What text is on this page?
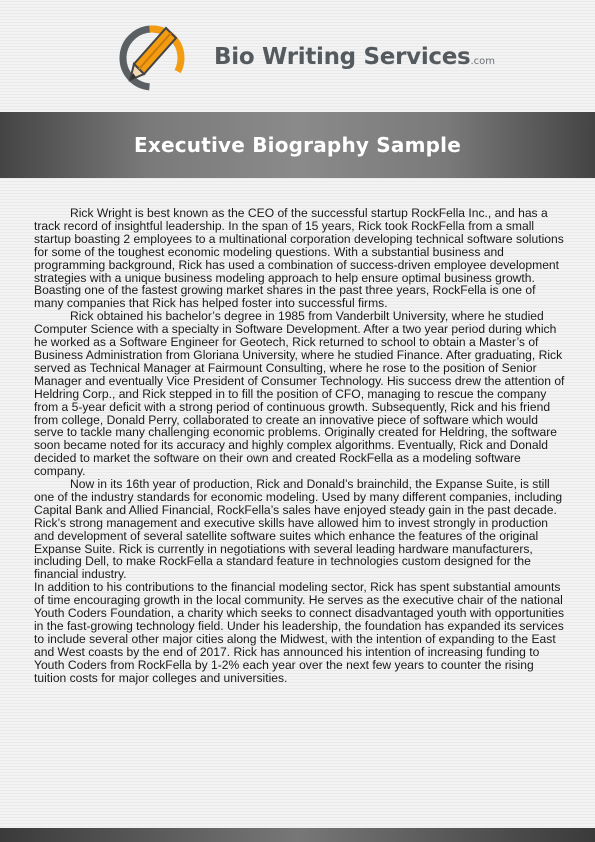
Bio Writing Services.com
Executive Biography Sample

Rick Wright is best known as the CEO of the successful startup RockFella Inc., and has a track record of insightful leadership. In the span of 15 years, Rick took RockFella from a small startup boasting 2 employees to a multinational corporation developing technical software solutions for some of the toughest economic modeling questions. With a substantial business and programming background, Rick has used a combination of success-driven employee development strategies with a unique business modeling approach to help ensure optimal business growth. Boasting one of the fastest growing market shares in the past three years, RockFella is one of many companies that Rick has helped foster into successful firms.

Rick obtained his bachelor’s degree in 1985 from Vanderbilt University, where he studied Computer Science with a specialty in Software Development. After a two year period during which he worked as a Software Engineer for Geotech, Rick returned to school to obtain a Master’s of Business Administration from Gloriana University, where he studied Finance. After graduating, Rick served as Technical Manager at Fairmount Consulting, where he rose to the position of Senior Manager and eventually Vice President of Consumer Technology. His success drew the attention of Heldring Corp., and Rick stepped in to fill the position of CFO, managing to rescue the company from a 5-year deficit with a strong period of continuous growth. Subsequently, Rick and his friend from college, Donald Perry, collaborated to create an innovative piece of software which would serve to tackle many challenging economic problems. Originally created for Heldring, the software soon became noted for its accuracy and highly complex algorithms. Eventually, Rick and Donald decided to market the software on their own and created RockFella as a modeling software company.

Now in its 16th year of production, Rick and Donald’s brainchild, the Expanse Suite, is still one of the industry standards for economic modeling. Used by many different companies, including Capital Bank and Allied Financial, RockFella’s sales have enjoyed steady gain in the past decade. Rick’s strong management and executive skills have allowed him to invest strongly in production and development of several satellite software suites which enhance the features of the original Expanse Suite. Rick is currently in negotiations with several leading hardware manufacturers, including Dell, to make RockFella a standard feature in technologies custom designed for the financial industry.

In addition to his contributions to the financial modeling sector, Rick has spent substantial amounts of time encouraging growth in the local community. He serves as the executive chair of the national Youth Coders Foundation, a charity which seeks to connect disadvantaged youth with opportunities in the fast-growing technology field. Under his leadership, the foundation has expanded its services to include several other major cities along the Midwest, with the intention of expanding to the East and West coasts by the end of 2017. Rick has announced his intention of increasing funding to Youth Coders from RockFella by 1-2% each year over the next few years to counter the rising tuition costs for major colleges and universities.
